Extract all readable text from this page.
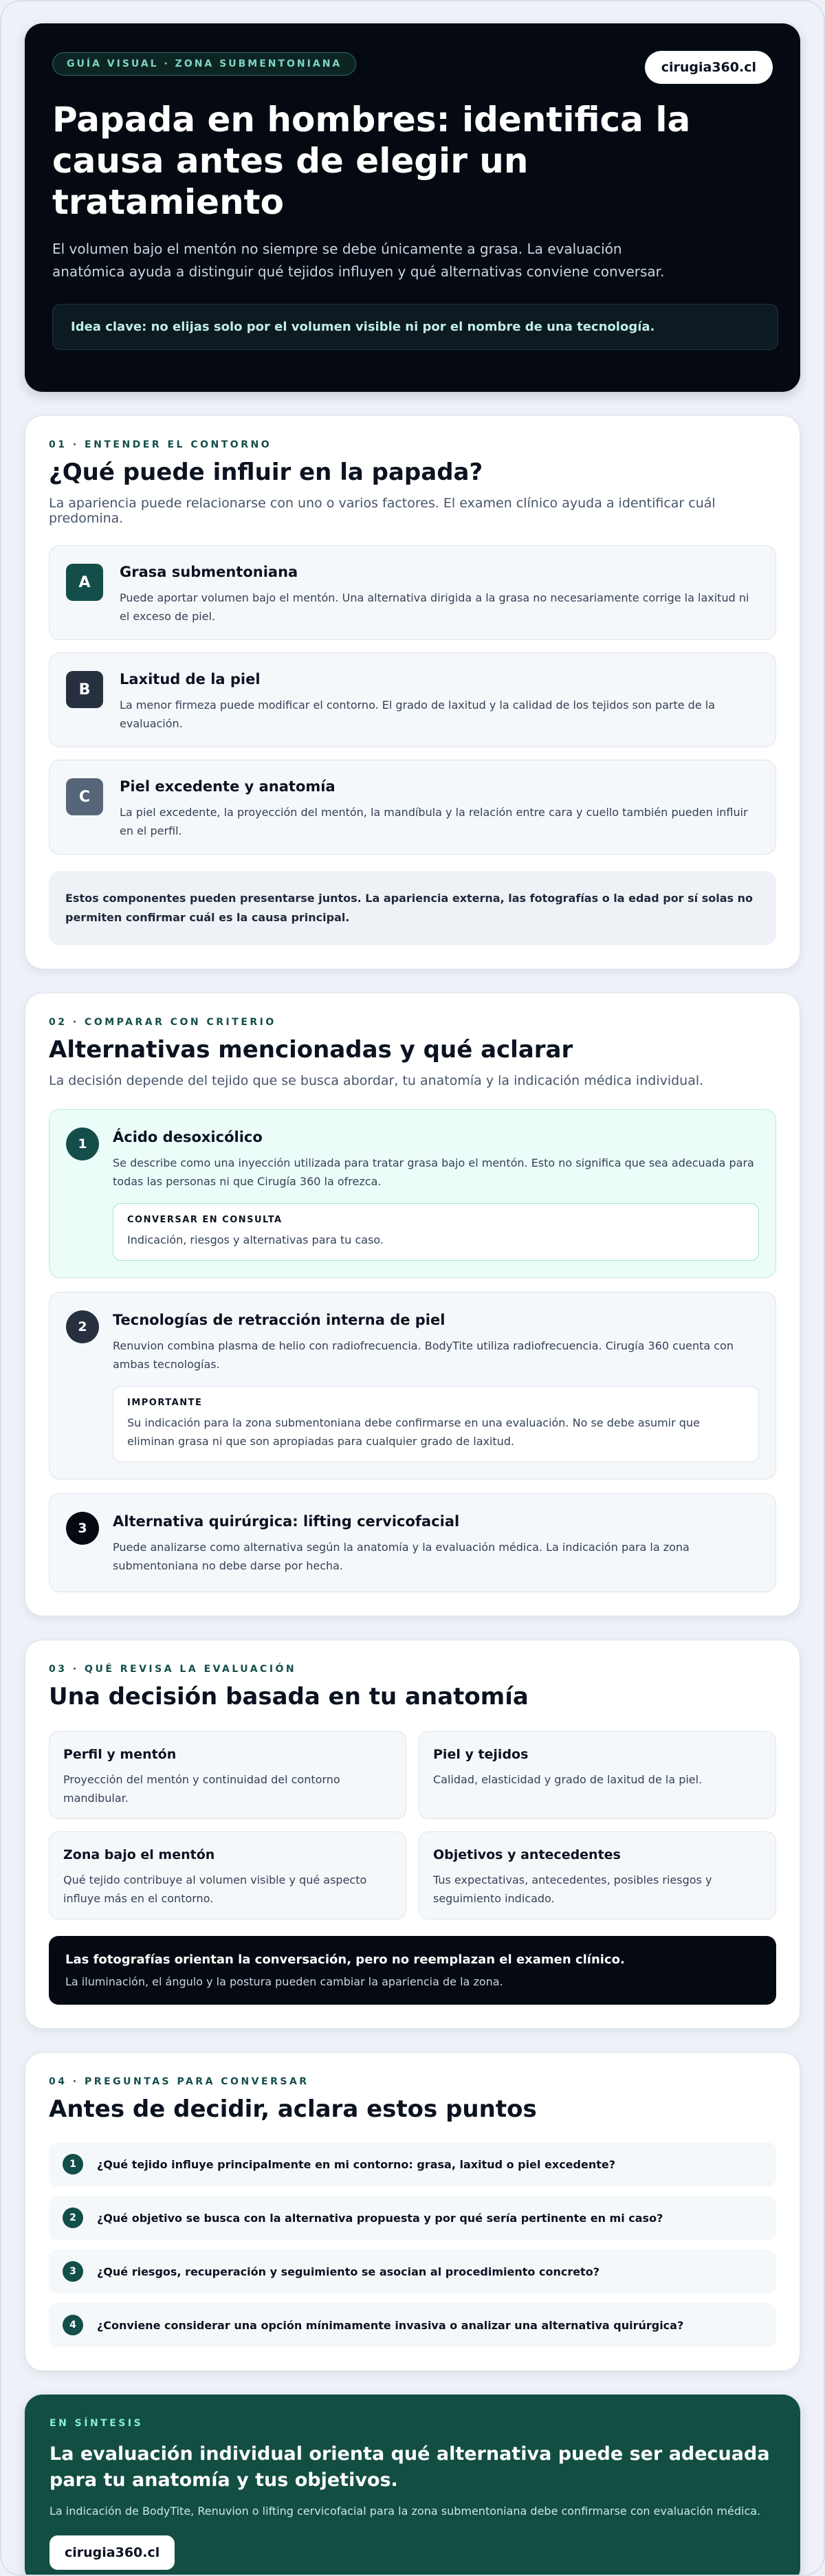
GUÍA VISUAL · ZONA SUBMENTONIANA	cirugia360.cl
Papada en hombres: identifica la causa antes de elegir un tratamiento

El volumen bajo el mentón no siempre se debe únicamente a grasa. La evaluación anatómica ayuda a distinguir qué tejidos influyen y qué alternativas conviene conversar.

Idea clave: no elijas solo por el volumen visible ni por el nombre de una tecnología.
01 · ENTENDER EL CONTORNO
¿Qué puede influir en la papada?

La apariencia puede relacionarse con uno o varios factores. El examen clínico ayuda a identificar cuál predomina.

A
Grasa submentoniana
Puede aportar volumen bajo el mentón. Una alternativa dirigida a la grasa no necesariamente corrige la laxitud ni el exceso de piel.
B
Laxitud de la piel
La menor firmeza puede modificar el contorno. El grado de laxitud y la calidad de los tejidos son parte de la evaluación.
C
Piel excedente y anatomía
La piel excedente, la proyección del mentón, la mandíbula y la relación entre cara y cuello también pueden influir en el perfil.
Estos componentes pueden presentarse juntos. La apariencia externa, las fotografías o la edad por sí solas no permiten confirmar cuál es la causa principal.
02 · COMPARAR CON CRITERIO
Alternativas mencionadas y qué aclarar

La decisión depende del tejido que se busca abordar, tu anatomía y la indicación médica individual.

1	Ácido desoxicólico
Se describe como una inyección utilizada para tratar grasa bajo el mentón. Esto no significa que sea adecuada para todas las personas ni que Cirugía 360 la ofrezca.
CONVERSAR EN CONSULTA
Indicación, riesgos y alternativas para tu caso.
2	Tecnologías de retracción interna de piel
Renuvion combina plasma de helio con radiofrecuencia. BodyTite utiliza radiofrecuencia. Cirugía 360 cuenta con ambas tecnologías.
IMPORTANTE
Su indicación para la zona submentoniana debe confirmarse en una evaluación. No se debe asumir que eliminan grasa ni que son apropiadas para cualquier grado de laxitud.
3	Alternativa quirúrgica: lifting cervicofacial
Puede analizarse como alternativa según la anatomía y la evaluación médica. La indicación para la zona submentoniana no debe darse por hecha.
03 · QUÉ REVISA LA EVALUACIÓN
Una decisión basada en tu anatomía
Perfil y mentón
Proyección del mentón y continuidad del contorno mandibular.
Piel y tejidos
Calidad, elasticidad y grado de laxitud de la piel.
Zona bajo el mentón
Qué tejido contribuye al volumen visible y qué aspecto influye más en el contorno.
Objetivos y antecedentes
Tus expectativas, antecedentes, posibles riesgos y seguimiento indicado.
Las fotografías orientan la conversación, pero no reemplazan el examen clínico.
La iluminación, el ángulo y la postura pueden cambiar la apariencia de la zona.
04 · PREGUNTAS PARA CONVERSAR
Antes de decidir, aclara estos puntos
1	¿Qué tejido influye principalmente en mi contorno: grasa, laxitud o piel excedente?
2	¿Qué objetivo se busca con la alternativa propuesta y por qué sería pertinente en mi caso?
3	¿Qué riesgos, recuperación y seguimiento se asocian al procedimiento concreto?
4	¿Conviene considerar una opción mínimamente invasiva o analizar una alternativa quirúrgica?
EN SÍNTESIS
La evaluación individual orienta qué alternativa puede ser adecuada para tu anatomía y tus objetivos.
La indicación de BodyTite, Renuvion o lifting cervicofacial para la zona submentoniana debe confirmarse con evaluación médica.
cirugia360.cl
